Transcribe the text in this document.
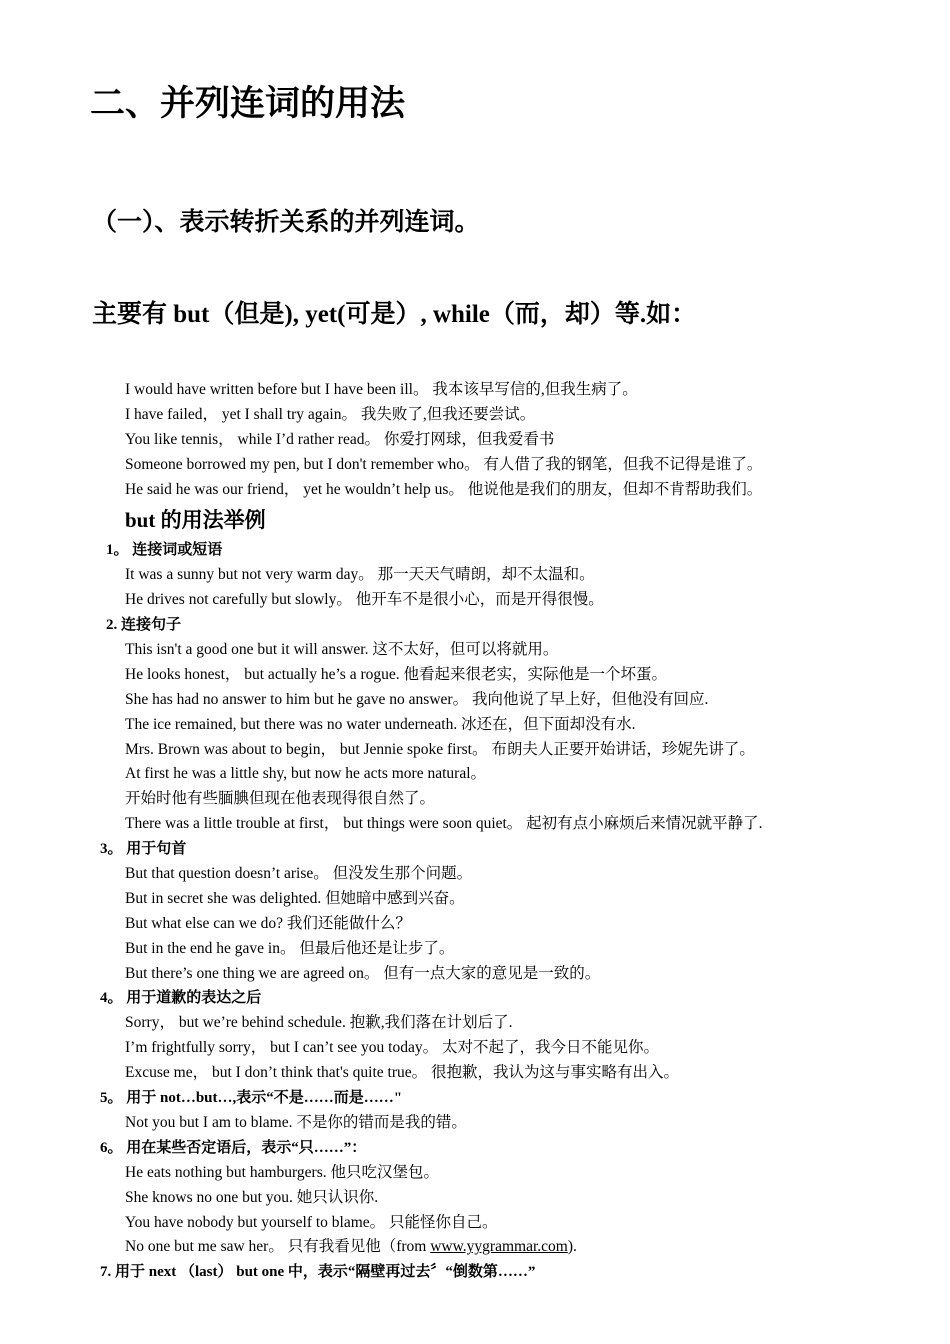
二、并列连词的用法
（一）、表示转折关系的并列连词。
主要有 but（但是), yet(可是）, while（而，却）等.如：
I would have written before but I have been ill。 我本该早写信的,但我生病了。
I have failed， yet I shall try again。 我失败了,但我还要尝试。
You like tennis， while I’d rather read。 你爱打网球，但我爱看书
Someone borrowed my pen, but I don't remember who。 有人借了我的钢笔，但我不记得是谁了。
He said he was our friend， yet he wouldn’t help us。 他说他是我们的朋友，但却不肯帮助我们。
but 的用法举例
1。 连接词或短语
It was a sunny but not very warm day。 那一天天气晴朗，却不太温和。
He drives not carefully but slowly。 他开车不是很小心，而是开得很慢。
2. 连接句子
This isn't a good one but it will answer. 这不太好，但可以将就用。
He looks honest， but actually he’s a rogue. 他看起来很老实，实际他是一个坏蛋。
She has had no answer to him but he gave no answer。 我向他说了早上好，但他没有回应.
The ice remained, but there was no water underneath. 冰还在，但下面却没有水.
Mrs. Brown was about to begin， but Jennie spoke first。 布朗夫人正要开始讲话，珍妮先讲了。
At first he was a little shy, but now he acts more natural。
开始时他有些腼腆但现在他表现得很自然了。
There was a little trouble at first， but things were soon quiet。 起初有点小麻烦后来情况就平静了.
3。 用于句首
But that question doesn’t arise。 但没发生那个问题。
But in secret she was delighted. 但她暗中感到兴奋。
But what else can we do? 我们还能做什么？
But in the end he gave in。 但最后他还是让步了。
But there’s one thing we are agreed on。 但有一点大家的意见是一致的。
4。 用于道歉的表达之后
Sorry， but we’re behind schedule. 抱歉,我们落在计划后了.
I’m frightfully sorry， but I can’t see you today。 太对不起了，我今日不能见你。
Excuse me， but I don’t think that's quite true。 很抱歉，我认为这与事实略有出入。
5。 用于 not…but…,表示“不是……而是……"
Not you but I am to blame. 不是你的错而是我的错。
6。 用在某些否定语后，表示“只……”：
He eats nothing but hamburgers. 他只吃汉堡包。
She knows no one but you. 她只认识你.
You have nobody but yourself to blame。 只能怪你自己。
No one but me saw her。 只有我看见他（from www.yygrammar.com).
7. 用于 next （last） but one 中，表示“隔壁再过去〞“倒数第……”
